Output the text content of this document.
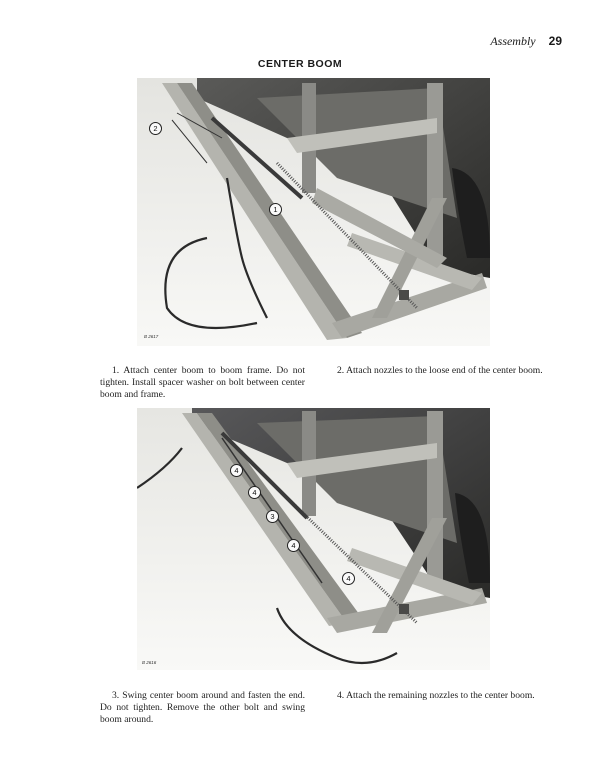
Assembly 29
CENTER BOOM
B 2617
2
1

1. Attach center boom to boom frame. Do not tighten. Install spacer washer on bolt between center boom and frame.

2. Attach nozzles to the loose end of the center boom.

B 2616
4
4
3
4
4

3. Swing center boom around and fasten the end. Do not tighten. Remove the other bolt and swing boom around.

4. Attach the remaining nozzles to the center boom.
